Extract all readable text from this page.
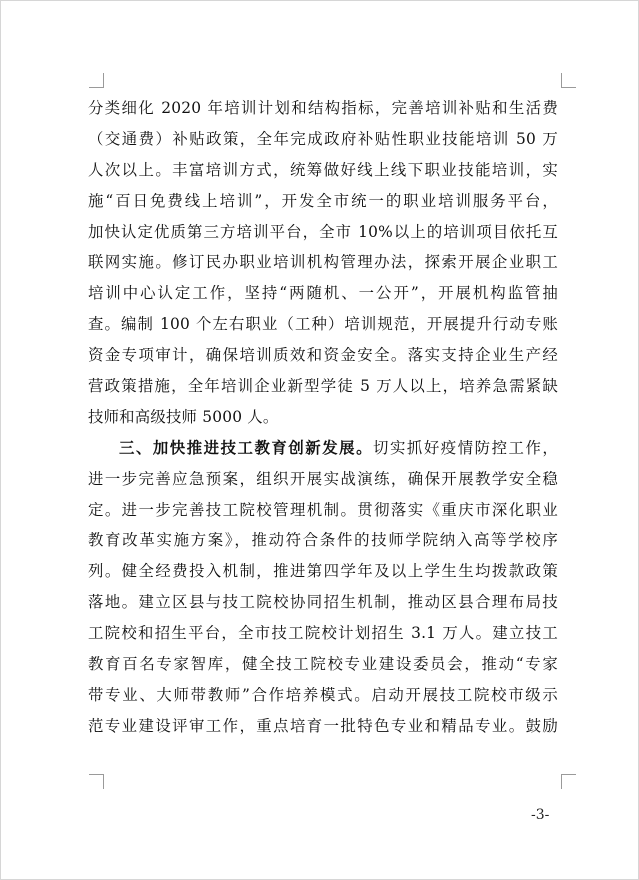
分类细化 2020 年培训计划和结构指标，完善培训补贴和生活费
（交通费）补贴政策，全年完成政府补贴性职业技能培训 50 万
人次以上。丰富培训方式，统筹做好线上线下职业技能培训，实
施“百日免费线上培训”，开发全市统一的职业培训服务平台，
加快认定优质第三方培训平台，全市 10%以上的培训项目依托互
联网实施。修订民办职业培训机构管理办法，探索开展企业职工
培训中心认定工作，坚持“两随机、一公开”，开展机构监管抽
查。编制 100 个左右职业（工种）培训规范，开展提升行动专账
资金专项审计，确保培训质效和资金安全。落实支持企业生产经
营政策措施，全年培训企业新型学徒 5 万人以上，培养急需紧缺
技师和高级技师 5000 人。
三、加快推进技工教育创新发展。切实抓好疫情防控工作，
进一步完善应急预案，组织开展实战演练，确保开展教学安全稳
定。进一步完善技工院校管理机制。贯彻落实《重庆市深化职业
教育改革实施方案》，推动符合条件的技师学院纳入高等学校序
列。健全经费投入机制，推进第四学年及以上学生生均拨款政策
落地。建立区县与技工院校协同招生机制，推动区县合理布局技
工院校和招生平台，全市技工院校计划招生 3.1 万人。建立技工
教育百名专家智库，健全技工院校专业建设委员会，推动“专家
带专业、大师带教师”合作培养模式。启动开展技工院校市级示
范专业建设评审工作，重点培育一批特色专业和精品专业。鼓励
-3-
